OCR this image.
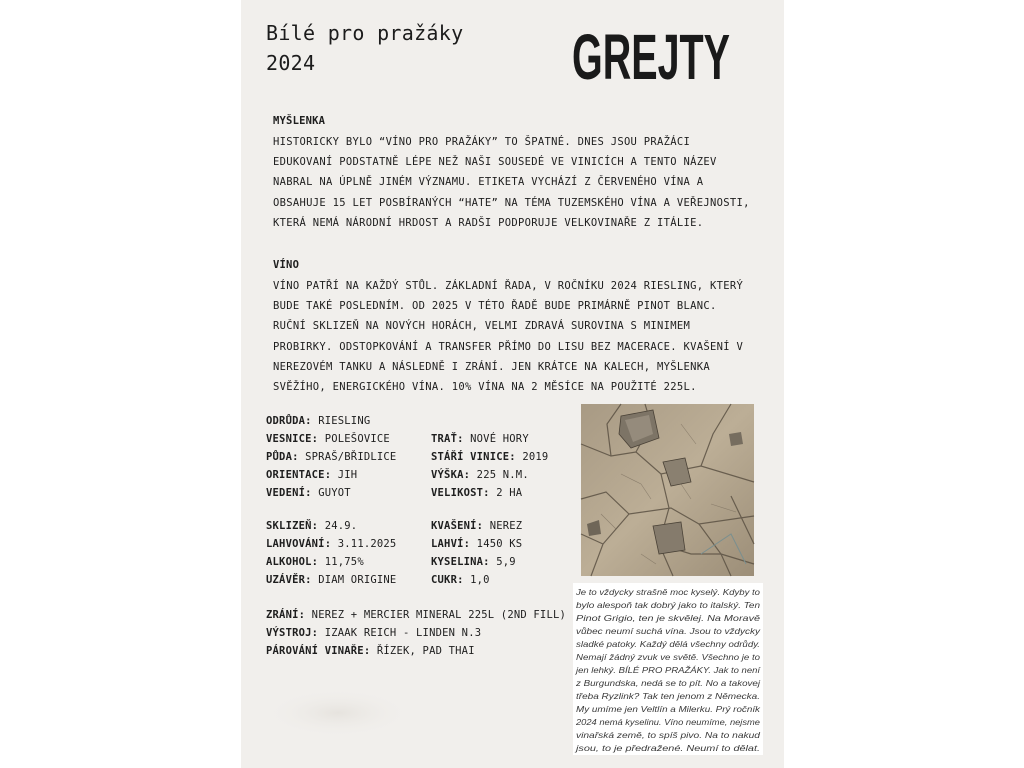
Bílé pro pražáky
2024	GREJTY
MYŠLENKA
HISTORICKY BYLO “VÍNO PRO PRAŽÁKY” TO ŠPATNÉ. DNES JSOU PRAŽÁCI
EDUKOVANÍ PODSTATNĚ LÉPE NEŽ NAŠI SOUSEDÉ VE VINICÍCH A TENTO NÁZEV
NABRAL NA ÚPLNĚ JINÉM VÝZNAMU. ETIKETA VYCHÁZÍ Z ČERVENÉHO VÍNA A
OBSAHUJE 15 LET POSBÍRANÝCH “HATE” NA TÉMA TUZEMSKÉHO VÍNA A VEŘEJNOSTI,
KTERÁ NEMÁ NÁRODNÍ HRDOST A RADŠI PODPORUJE VELKOVINAŘE Z ITÁLIE.
VÍNO
VÍNO PATŘÍ NA KAŽDÝ STŮL. ZÁKLADNÍ ŘADA, V ROČNÍKU 2024 RIESLING, KTERÝ
BUDE TAKÉ POSLEDNÍM. OD 2025 V TÉTO ŘADĚ BUDE PRIMÁRNĚ PINOT BLANC.
RUČNÍ SKLIZEŇ NA NOVÝCH HORÁCH, VELMI ZDRAVÁ SUROVINA S MINIMEM
PROBIRKY. ODSTOPKOVÁNÍ A TRANSFER PŘÍMO DO LISU BEZ MACERACE. KVAŠENÍ V
NEREZOVÉM TANKU A NÁSLEDNĚ I ZRÁNÍ. JEN KRÁTCE NA KALECH, MYŠLENKA
SVĚŽÍHO, ENERGICKÉHO VÍNA. 10% VÍNA NA 2 MĚSÍCE NA POUŽITÉ 225L.
ODRŮDA: RIESLING
VESNICE: POLEŠOVICE
PŮDA: SPRAŠ/BŘIDLICE
ORIENTACE: JIH
VEDENÍ: GUYOT
SKLIZEŇ: 24.9.
LAHVOVÁNÍ: 3.11.2025
ALKOHOL: 11,75%
UZÁVĚR: DIAM ORIGINE
TRAŤ: NOVÉ HORY
STÁŘÍ VINICE: 2019
VÝŠKA: 225 N.M.
VELIKOST: 2 HA
KVAŠENÍ: NEREZ
LAHVÍ: 1450 KS
KYSELINA: 5,9
CUKR: 1,0
ZRÁNÍ: NEREZ + MERCIER MINERAL 225L (2ND FILL)
VÝSTROJ: IZAAK REICH - LINDEN N.3
PÁROVÁNÍ VINAŘE: ŘÍZEK, PAD THAI
Je to vždycky strašně moc kyselý. Kdyby to
bylo alespoň tak dobrý jako to italský. Ten
Pinot Grigio, ten je skvělej. Na Moravě
vůbec neumí suchá vína. Jsou to vždycky
sladké patoky. Každý dělá všechny odrůdy.
Nemají žádný zvuk ve světě. Všechno je to
jen lehký. BÍLÉ PRO PRAŽÁKY. Jak to není
z Burgundska, nedá se to pít. No a takovej
třeba Ryzlink? Tak ten jenom z Německa.
My umíme jen Veltlín a Milerku. Prý ročník
2024 nemá kyselinu. Víno neumíme, nejsme
vinařská země, to spíš pivo. Na to nakud
jsou, to je předražené. Neumí to dělat.
